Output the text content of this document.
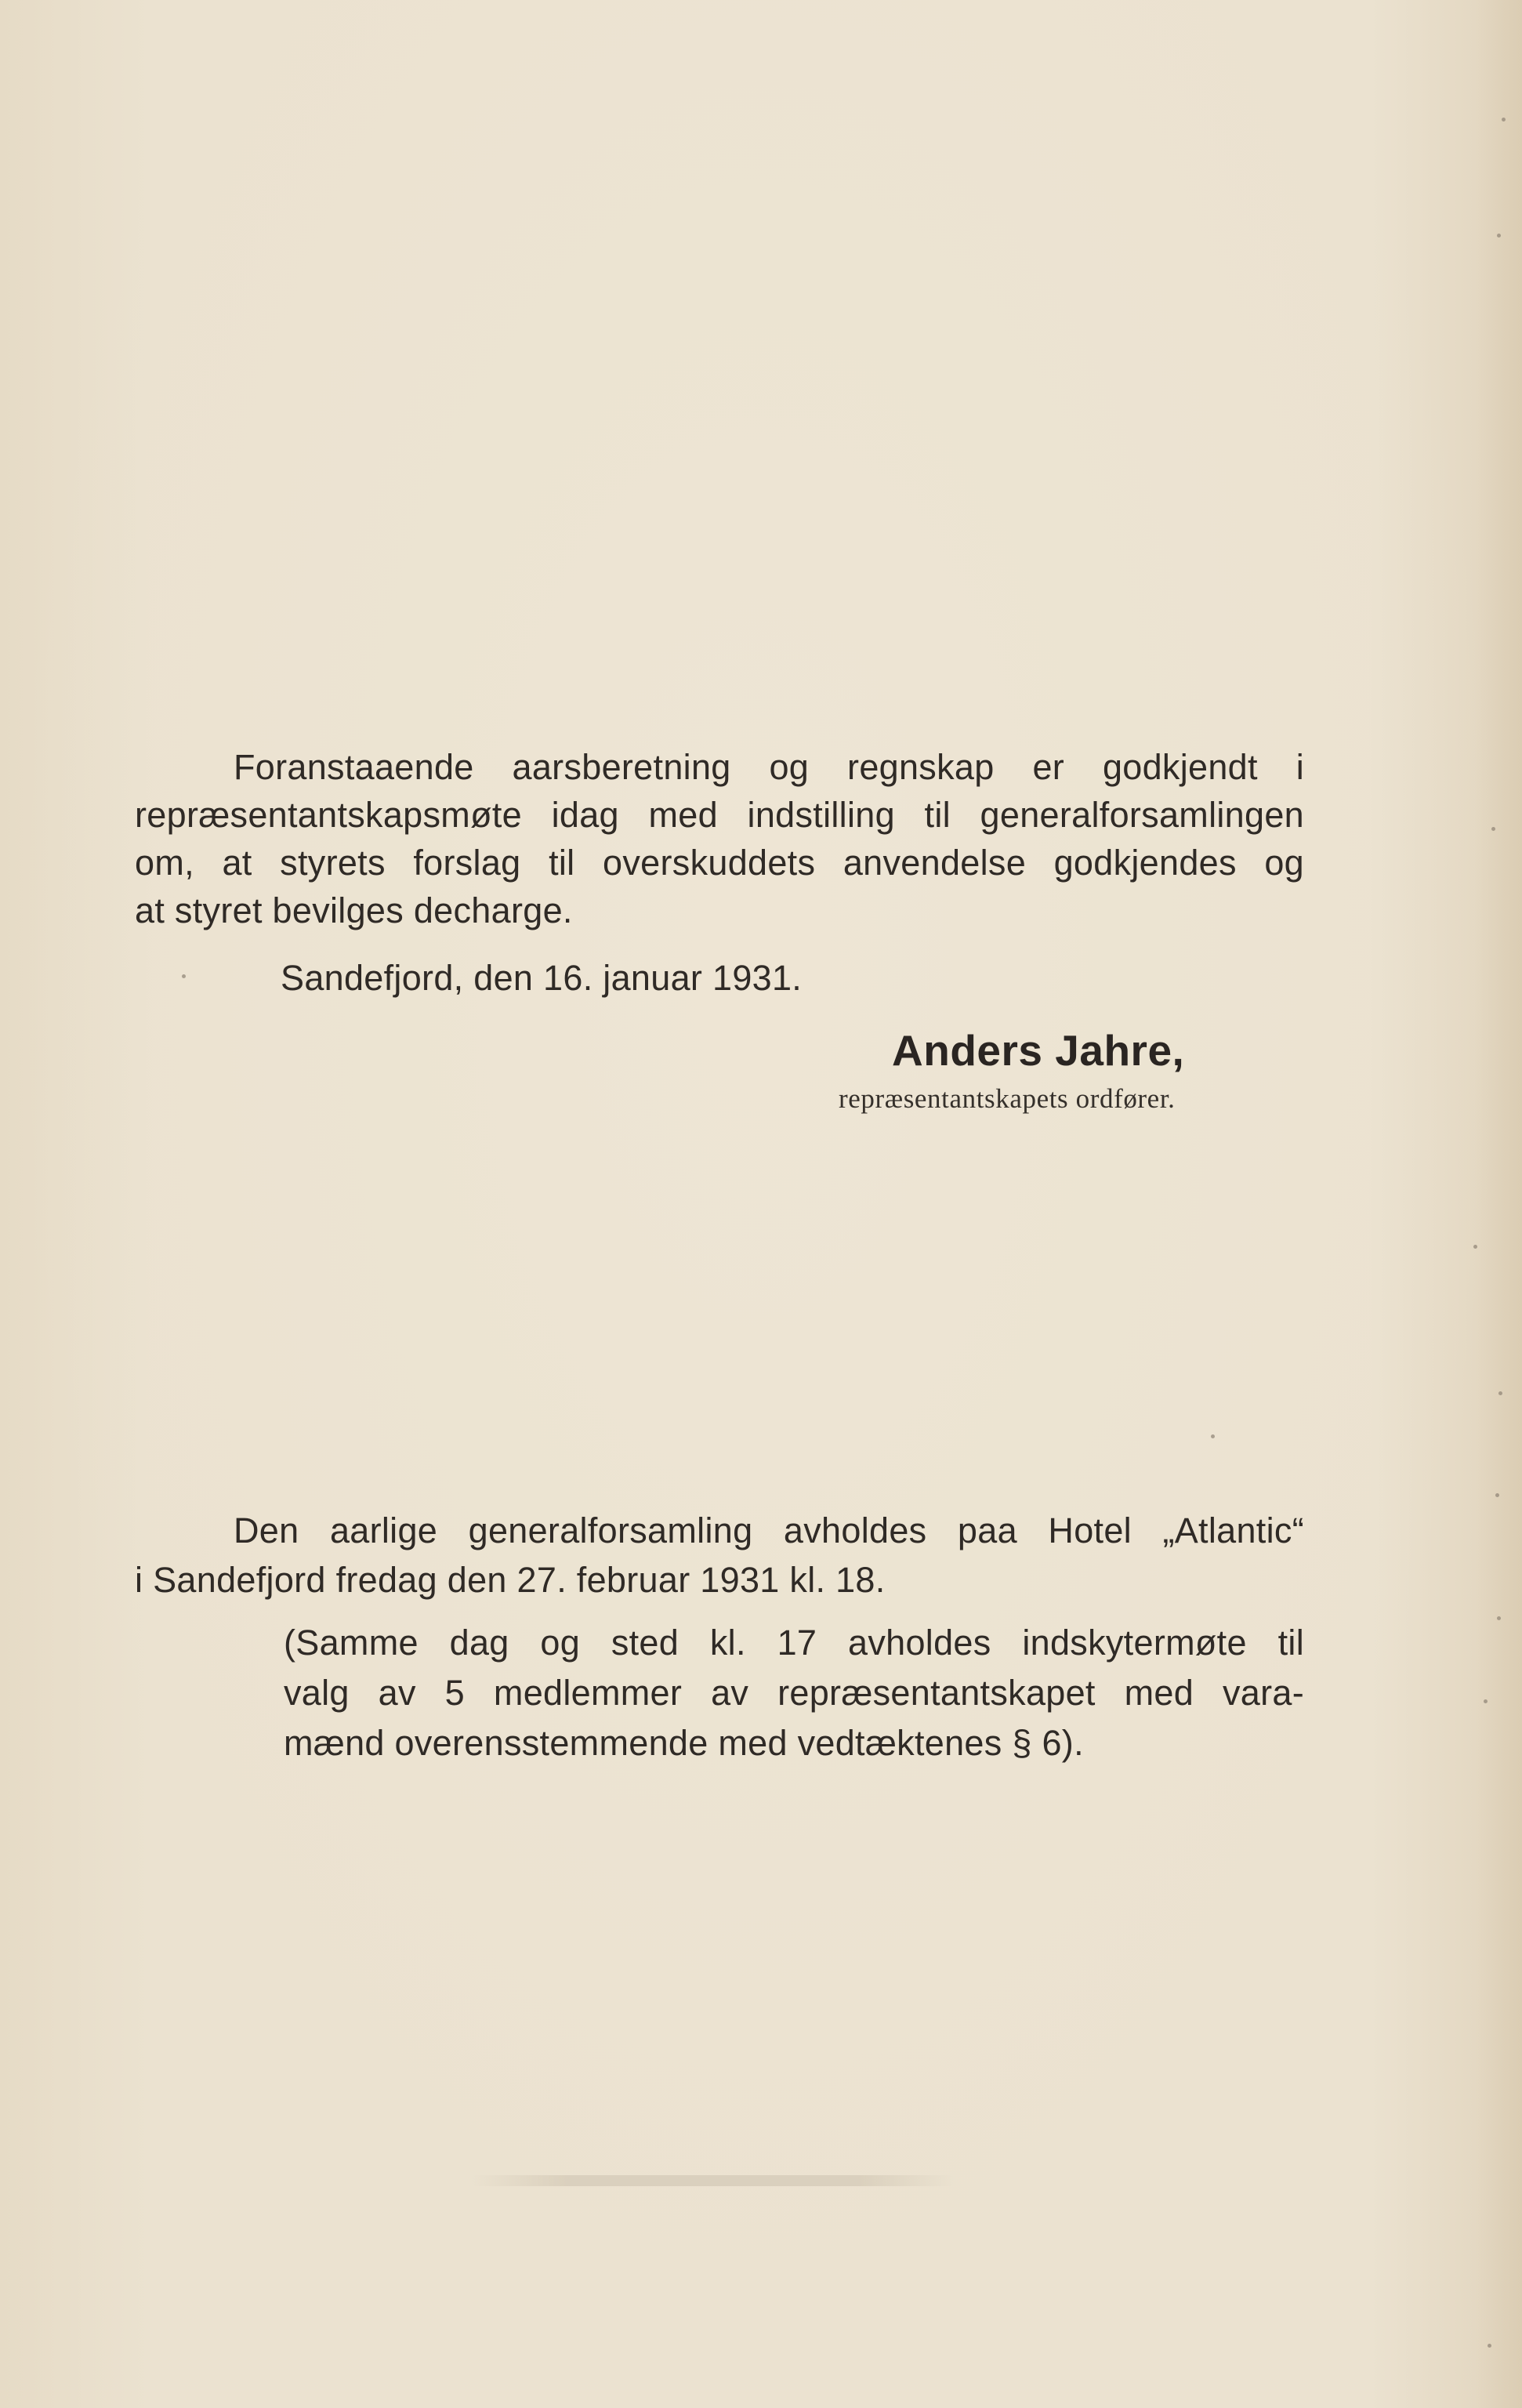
Foranstaaende aarsberetning og regnskap er godkjendt i
repræsentantskapsmøte idag med indstilling til generalforsamlingen
om, at styrets forslag til overskuddets anvendelse godkjendes og
at styret bevilges decharge.
Sandefjord, den 16. januar 1931.
Anders Jahre,
repræsentantskapets ordfører.
Den aarlige generalforsamling avholdes paa Hotel „Atlantic“
i Sandefjord fredag den 27. februar 1931 kl. 18.
(Samme dag og sted kl. 17 avholdes indskytermøte til
valg av 5 medlemmer av repræsentantskapet med vara-
mænd overensstemmende med vedtæktenes § 6).
